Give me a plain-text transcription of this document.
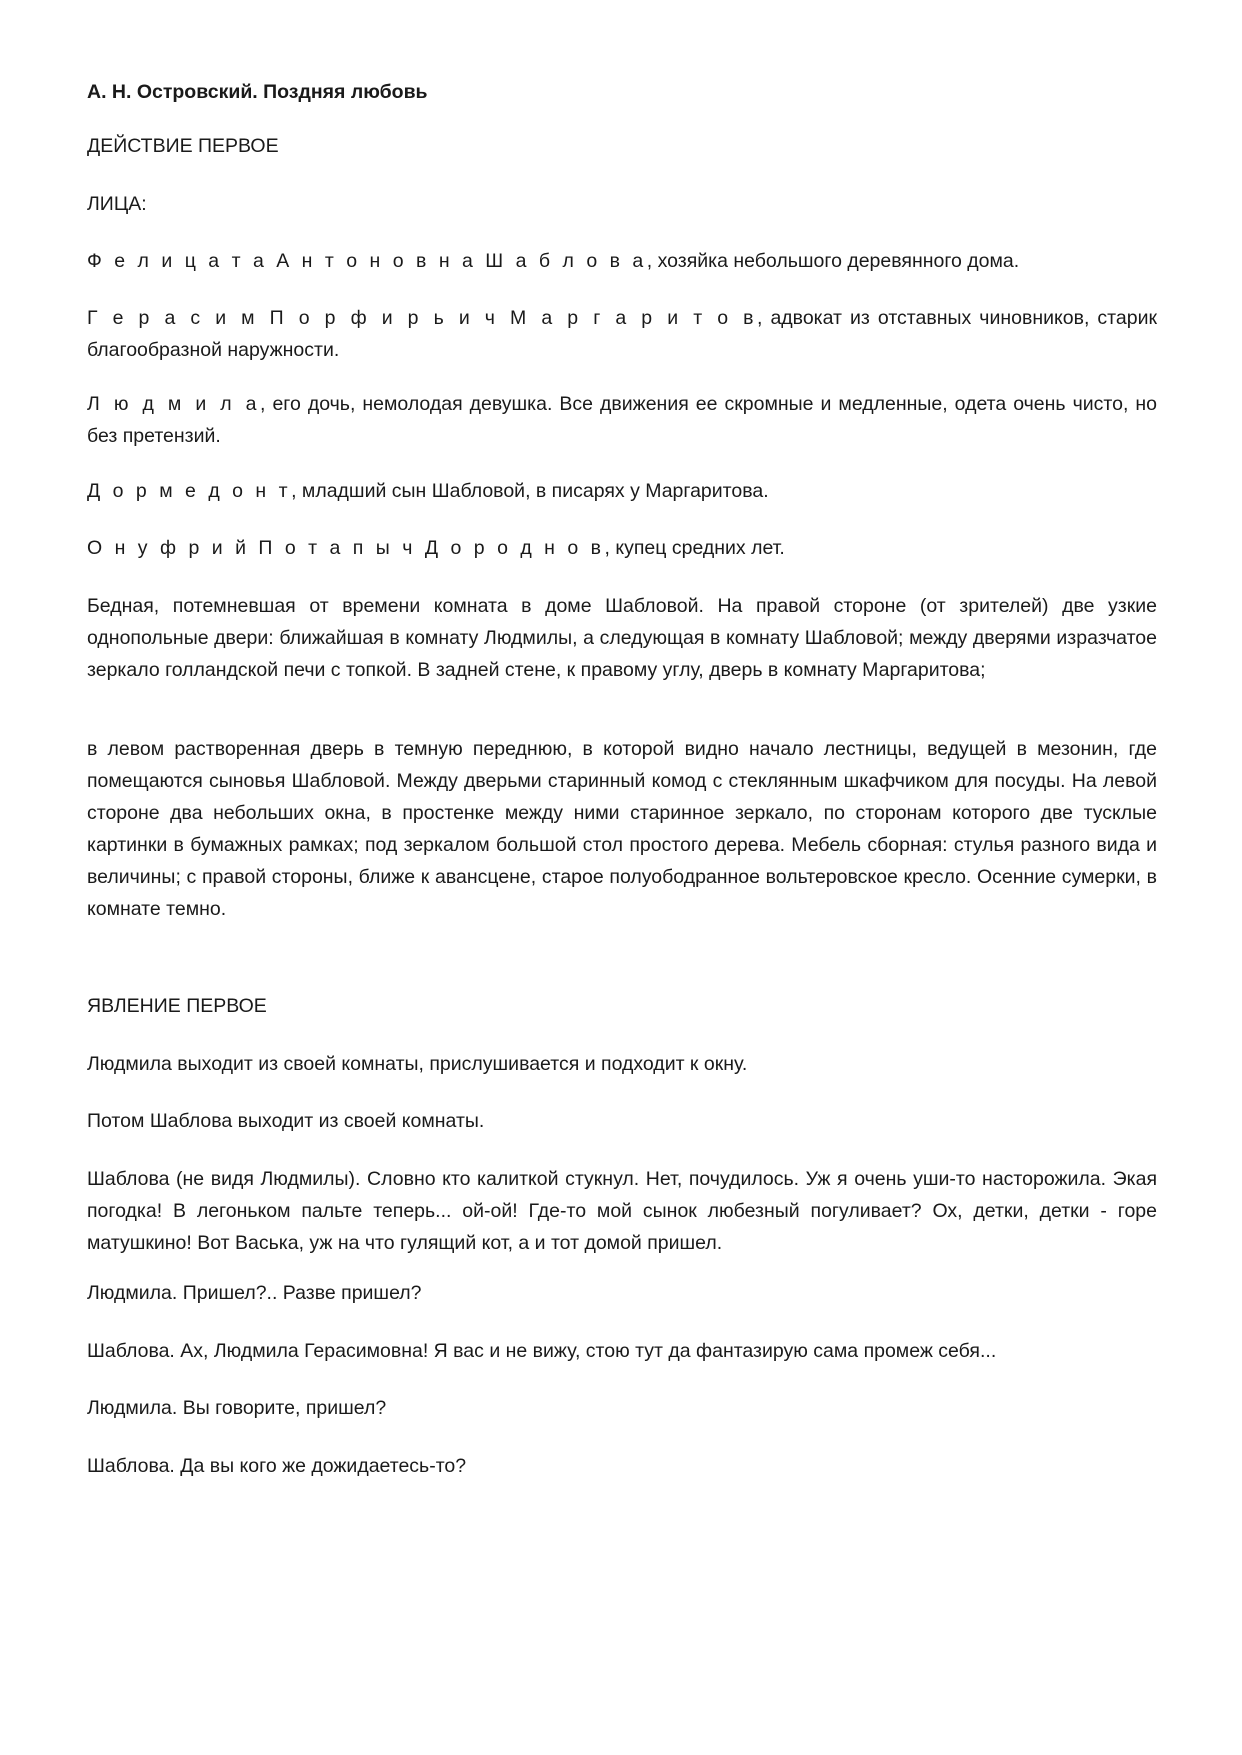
А. Н. Островский. Поздняя любовь

ДЕЙСТВИЕ ПЕРВОЕ

ЛИЦА:

Ф е л и ц а т а А н т о н о в н а Ш а б л о в а, хозяйка небольшого деревянного дома.

Г е р а с и м П о р ф и р ь и ч М а р г а р и т о в, адвокат из отставных чиновников, старик благообразной наружности.

Л ю д м и л а, его дочь, немолодая девушка. Все движения ее скромные и медленные, одета очень чисто, но без претензий.

Д о р м е д о н т, младший сын Шабловой, в писарях у Маргаритова.

О н у ф р и й П о т а п ы ч Д о р о д н о в, купец средних лет.

Бедная, потемневшая от времени комната в доме Шабловой. На правой стороне (от зрителей) две узкие однопольные двери: ближайшая в комнату Людмилы, а следующая в комнату Шабловой; между дверями изразчатое зеркало голландской печи с топкой. В задней стене, к правому углу, дверь в комнату Маргаритова;

в левом растворенная дверь в темную переднюю, в которой видно начало лестницы, ведущей в мезонин, где помещаются сыновья Шабловой. Между дверьми старинный комод с стеклянным шкафчиком для посуды. На левой стороне два небольших окна, в простенке между ними старинное зеркало, по сторонам которого две тусклые картинки в бумажных рамках; под зеркалом большой стол простого дерева. Мебель сборная: стулья разного вида и величины; с правой стороны, ближе к авансцене, старое полуободранное вольтеровское кресло. Осенние сумерки, в комнате темно.

ЯВЛЕНИЕ ПЕРВОЕ

Людмила выходит из своей комнаты, прислушивается и подходит к окну.

Потом Шаблова выходит из своей комнаты.

Шаблова (не видя Людмилы). Словно кто калиткой стукнул. Нет, почудилось. Уж я очень уши-то насторожила. Экая погодка! В легоньком пальте теперь... ой-ой! Где-то мой сынок любезный погуливает? Ох, детки, детки - горе матушкино! Вот Васька, уж на что гулящий кот, а и тот домой пришел.

Людмила. Пришел?.. Разве пришел?

Шаблова. Ах, Людмила Герасимовна! Я вас и не вижу, стою тут да фантазирую сама промеж себя...

Людмила. Вы говорите, пришел?

Шаблова. Да вы кого же дожидаетесь-то?
